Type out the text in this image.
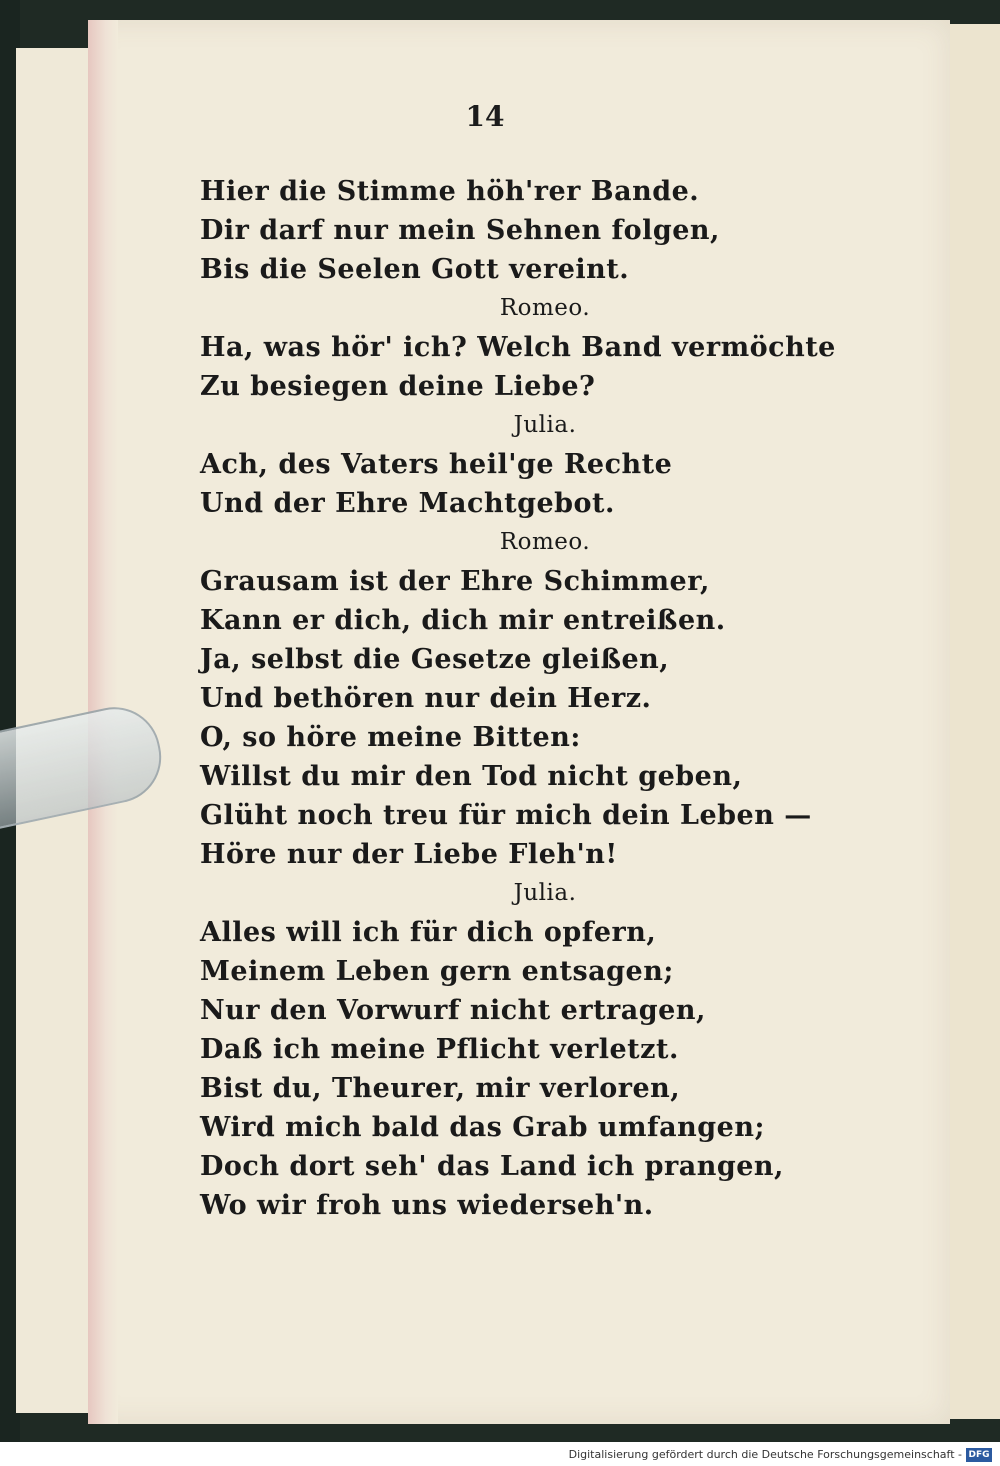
14
Hier die Stimme höh'rer Bande.
Dir darf nur mein Sehnen folgen,
Bis die Seelen Gott vereint.
Romeo.
Ha, was hör' ich? Welch Band vermöchte
Zu besiegen deine Liebe?
Julia.
Ach, des Vaters heil'ge Rechte
Und der Ehre Machtgebot.
Romeo.
Grausam ist der Ehre Schimmer,
Kann er dich, dich mir entreißen.
Ja, selbst die Gesetze gleißen,
Und bethören nur dein Herz.
O, so höre meine Bitten:
Willst du mir den Tod nicht geben,
Glüht noch treu für mich dein Leben —
Höre nur der Liebe Fleh'n!
Julia.
Alles will ich für dich opfern,
Meinem Leben gern entsagen;
Nur den Vorwurf nicht ertragen,
Daß ich meine Pflicht verletzt.
Bist du, Theurer, mir verloren,
Wird mich bald das Grab umfangen;
Doch dort seh' das Land ich prangen,
Wo wir froh uns wiederseh'n.
Digitalisierung gefördert durch die Deutsche Forschungsgemeinschaft - DFG
